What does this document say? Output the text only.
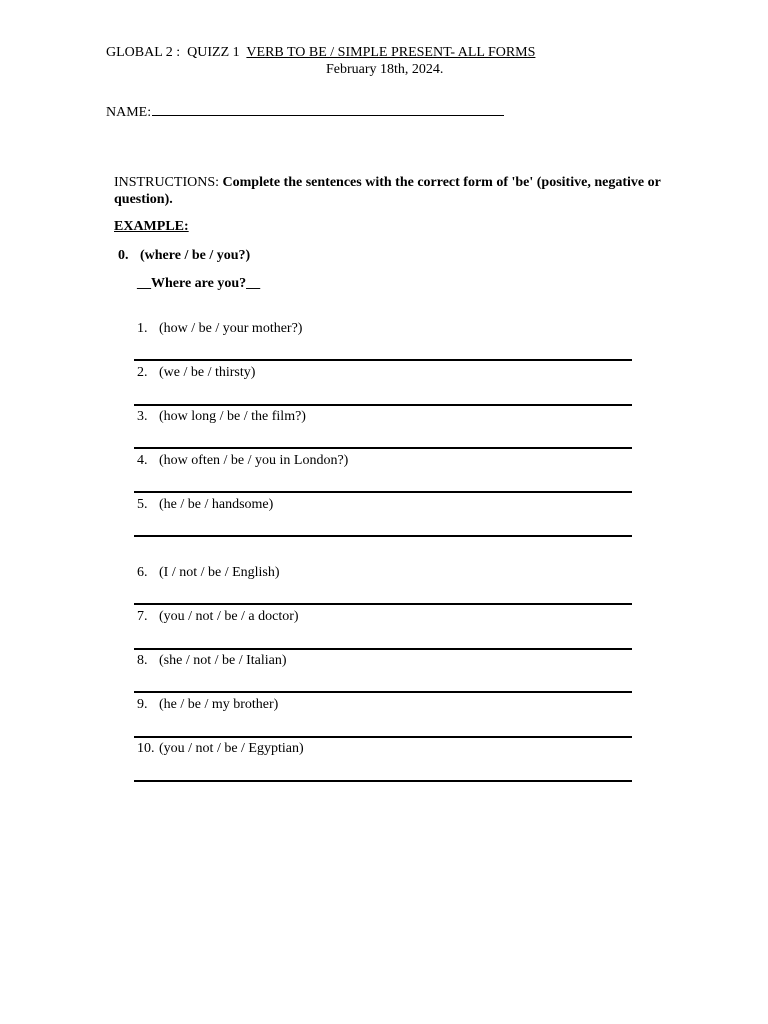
GLOBAL 2 : QUIZZ 1 VERB TO BE / SIMPLE PRESENT- ALL FORMS
February 18th, 2024.
NAME:
INSTRUCTIONS: Complete the sentences with the correct form of 'be' (positive, negative or question).
EXAMPLE:
0. (where / be / you?)
__Where are you?__
1. (how / be / your mother?)
2. (we / be / thirsty)
3. (how long / be / the film?)
4. (how often / be / you in London?)
5. (he / be / handsome)
6. (I / not / be / English)
7. (you / not / be / a doctor)
8. (she / not / be / Italian)
9. (he / be / my brother)
10. (you / not / be / Egyptian)
